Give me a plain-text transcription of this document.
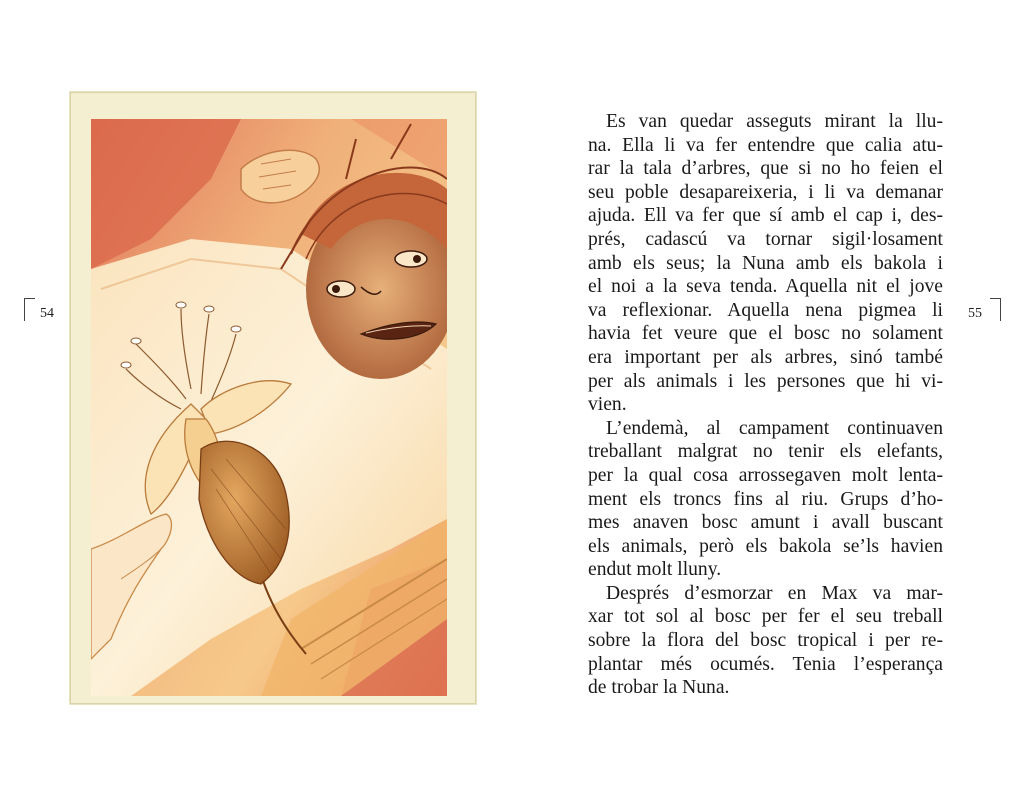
54

Es van quedar asseguts mirant la llu-
na. Ella li va fer entendre que calia atu-
rar la tala d’arbres, que si no ho feien el
seu poble desapareixeria, i li va demanar
ajuda. Ell va fer que sí amb el cap i, des-
prés, cadascú va tornar sigil·losament
amb els seus; la Nuna amb els bakola i
el noi a la seva tenda. Aquella nit el jove
va reflexionar. Aquella nena pigmea li
havia fet veure que el bosc no solament
era important per als arbres, sinó també
per als animals i les persones que hi vi-
vien.

L’endemà, al campament continuaven
treballant malgrat no tenir els elefants,
per la qual cosa arrossegaven molt lenta-
ment els troncs fins al riu. Grups d’ho-
mes anaven bosc amunt i avall buscant
els animals, però els bakola se’ls havien
endut molt lluny.

Després d’esmorzar en Max va mar-
xar tot sol al bosc per fer el seu treball
sobre la flora del bosc tropical i per re-
plantar més ocumés. Tenia l’esperança
de trobar la Nuna.

55
